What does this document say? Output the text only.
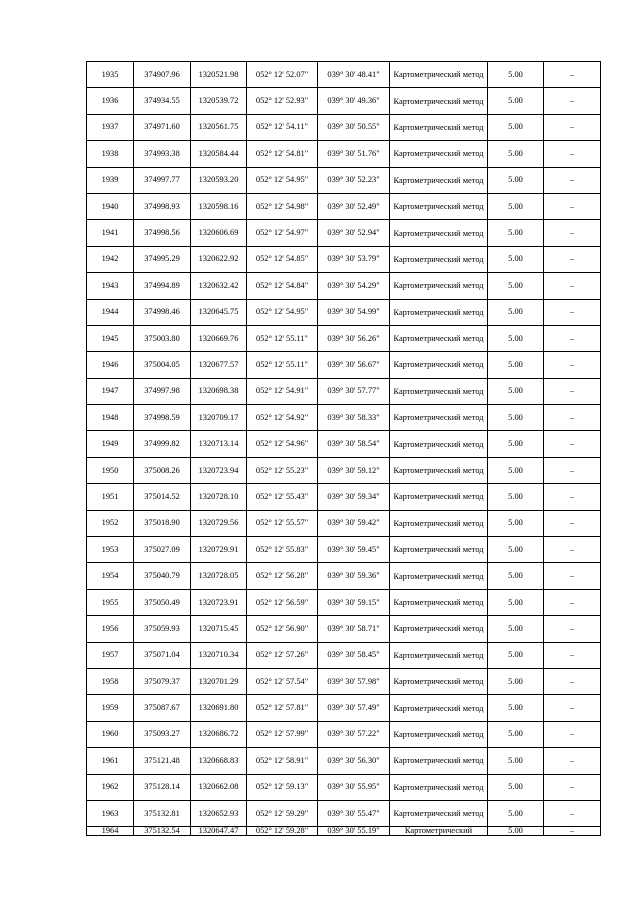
1935	374907.96	1320521.98	052° 12' 52.07"	039° 30' 48.41"	Картометрический метод	5.00	–
1936	374934.55	1320539.72	052° 12' 52.93"	039° 30' 49.36"	Картометрический метод	5.00	–
1937	374971.60	1320561.75	052° 12' 54.11"	039° 30' 50.55"	Картометрический метод	5.00	–
1938	374993.38	1320584.44	052° 12' 54.81"	039° 30' 51.76"	Картометрический метод	5.00	–
1939	374997.77	1320593.20	052° 12' 54.95"	039° 30' 52.23"	Картометрический метод	5.00	–
1940	374998.93	1320598.16	052° 12' 54.98"	039° 30' 52.49"	Картометрический метод	5.00	–
1941	374998.56	1320606.69	052° 12' 54.97"	039° 30' 52.94"	Картометрический метод	5.00	–
1942	374995.29	1320622.92	052° 12' 54.85"	039° 30' 53.79"	Картометрический метод	5.00	–
1943	374994.89	1320632.42	052° 12' 54.84"	039° 30' 54.29"	Картометрический метод	5.00	–
1944	374998.46	1320645.75	052° 12' 54.95"	039° 30' 54.99"	Картометрический метод	5.00	–
1945	375003.80	1320669.76	052° 12' 55.11"	039° 30' 56.26"	Картометрический метод	5.00	–
1946	375004.05	1320677.57	052° 12' 55.11"	039° 30' 56.67"	Картометрический метод	5.00	–
1947	374997.98	1320698.38	052° 12' 54.91"	039° 30' 57.77"	Картометрический метод	5.00	–
1948	374998.59	1320709.17	052° 12' 54.92"	039° 30' 58.33"	Картометрический метод	5.00	–
1949	374999.82	1320713.14	052° 12' 54.96"	039° 30' 58.54"	Картометрический метод	5.00	–
1950	375008.26	1320723.94	052° 12' 55.23"	039° 30' 59.12"	Картометрический метод	5.00	–
1951	375014.52	1320728.10	052° 12' 55.43"	039° 30' 59.34"	Картометрический метод	5.00	–
1952	375018.90	1320729.56	052° 12' 55.57"	039° 30' 59.42"	Картометрический метод	5.00	–
1953	375027.09	1320729.91	052° 12' 55.83"	039° 30' 59.45"	Картометрический метод	5.00	–
1954	375040.79	1320728.05	052° 12' 56.28"	039° 30' 59.36"	Картометрический метод	5.00	–
1955	375050.49	1320723.91	052° 12' 56.59"	039° 30' 59.15"	Картометрический метод	5.00	–
1956	375059.93	1320715.45	052° 12' 56.90"	039° 30' 58.71"	Картометрический метод	5.00	–
1957	375071.04	1320710.34	052° 12' 57.26"	039° 30' 58.45"	Картометрический метод	5.00	–
1958	375079.37	1320701.29	052° 12' 57.54"	039° 30' 57.98"	Картометрический метод	5.00	–
1959	375087.67	1320691.80	052° 12' 57.81"	039° 30' 57.49"	Картометрический метод	5.00	–
1960	375093.27	1320686.72	052° 12' 57.99"	039° 30' 57.22"	Картометрический метод	5.00	–
1961	375121.48	1320668.83	052° 12' 58.91"	039° 30' 56.30"	Картометрический метод	5.00	–
1962	375128.14	1320662.08	052° 12' 59.13"	039° 30' 55.95"	Картометрический метод	5.00	–
1963	375132.81	1320652.93	052° 12' 59.29"	039° 30' 55.47"	Картометрический метод	5.00	–
1964	375132.54	1320647.47	052° 12' 59.28"	039° 30' 55.19"	Картометрический	5.00	–
